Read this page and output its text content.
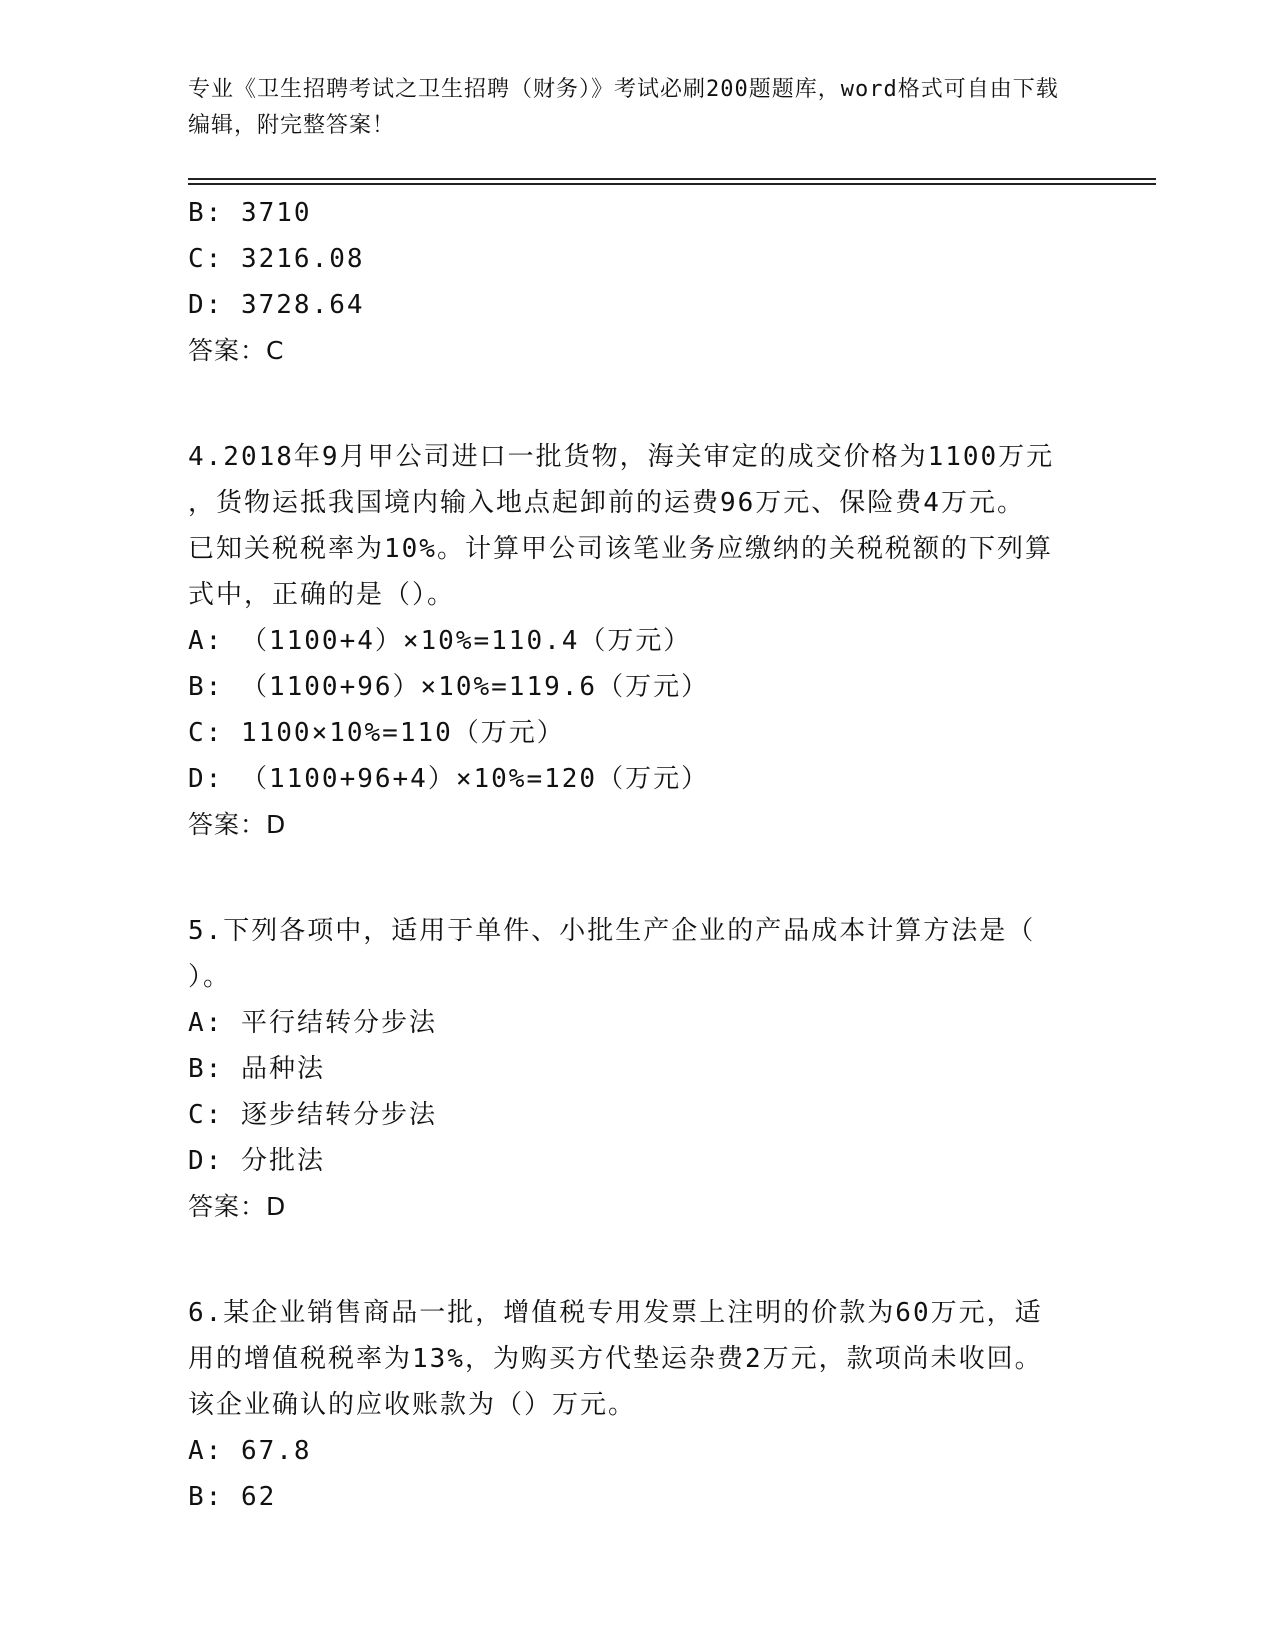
专业《卫生招聘考试之卫生招聘（财务）》考试必刷200题题库，word格式可自由下载编辑，附完整答案！
B: 3710
C: 3216.08
D: 3728.64
答案：C
4.2018年9月甲公司进口一批货物，海关审定的成交价格为1100万元
，货物运抵我国境内输入地点起卸前的运费96万元、保险费4万元。
已知关税税率为10%。计算甲公司该笔业务应缴纳的关税税额的下列算
式中，正确的是（）。
A: （1100+4）×10%=110.4（万元）
B: （1100+96）×10%=119.6（万元）
C: 1100×10%=110（万元）
D: （1100+96+4）×10%=120（万元）
答案：D
5.下列各项中，适用于单件、小批生产企业的产品成本计算方法是（
）。
A: 平行结转分步法
B: 品种法
C: 逐步结转分步法
D: 分批法
答案：D
6.某企业销售商品一批，增值税专用发票上注明的价款为60万元，适
用的增值税税率为13%，为购买方代垫运杂费2万元，款项尚未收回。
该企业确认的应收账款为（）万元。
A: 67.8
B: 62
